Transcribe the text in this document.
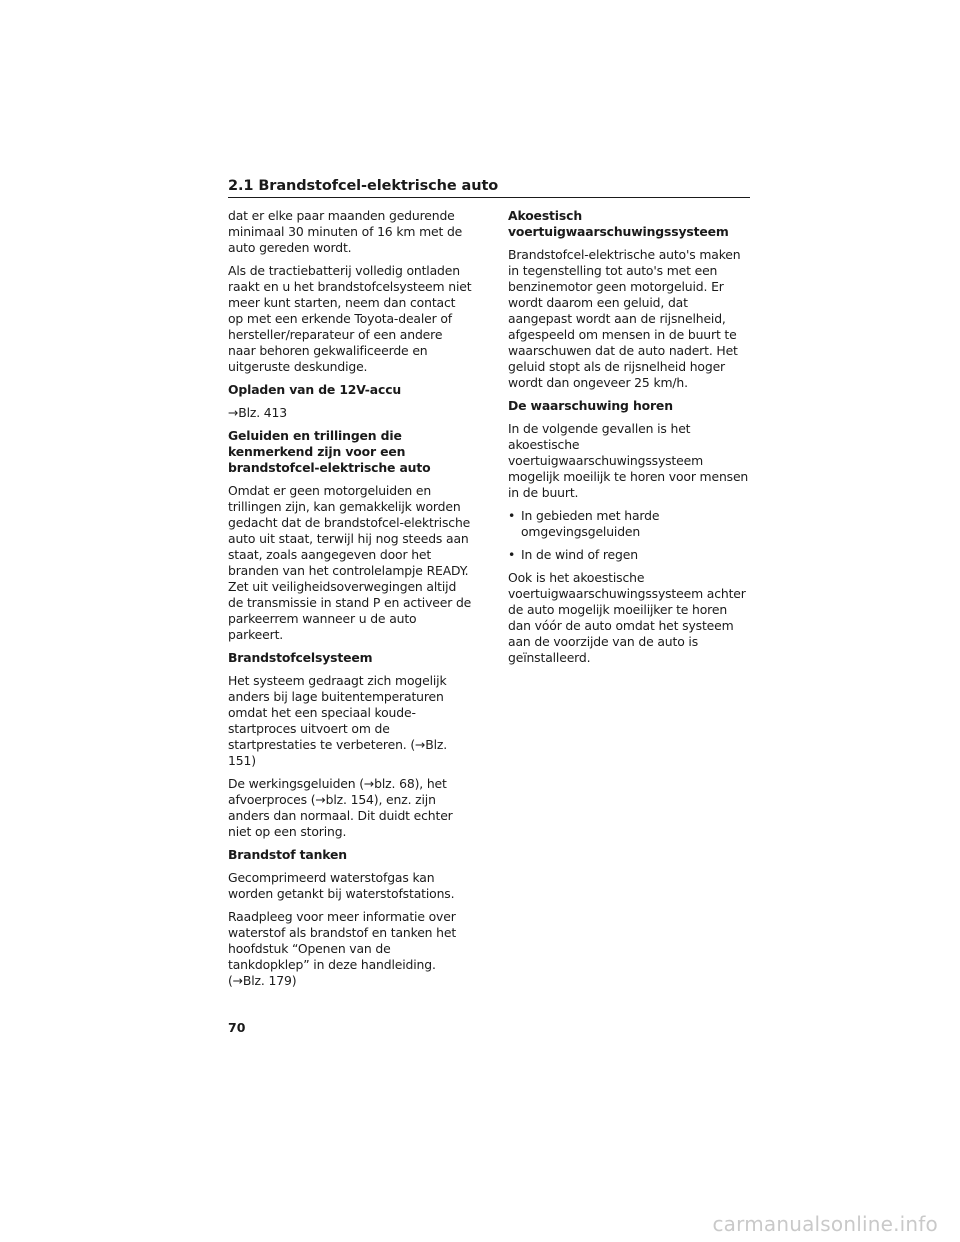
2.1 Brandstofcel-elektrische auto

dat er elke paar maanden gedurende minimaal 30 minuten of 16 km met de auto gereden wordt.

Als de tractiebatterij volledig ontladen raakt en u het brandstofcelsysteem niet meer kunt starten, neem dan contact op met een erkende Toyota-dealer of hersteller/reparateur of een andere naar behoren gekwalificeerde en uitgeruste deskundige.

Opladen van de 12V-accu

→Blz. 413

Geluiden en trillingen die kenmerkend zijn voor een brandstofcel-elektrische auto

Omdat er geen motorgeluiden en trillingen zijn, kan gemakkelijk worden gedacht dat de brandstofcel-elektrische auto uit staat, terwijl hij nog steeds aan staat, zoals aangegeven door het branden van het controlelampje READY. Zet uit veiligheidsoverwegingen altijd de transmissie in stand P en activeer de parkeerrem wanneer u de auto parkeert.

Brandstofcelsysteem

Het systeem gedraagt zich mogelijk anders bij lage buitentemperaturen omdat het een speciaal koude-startproces uitvoert om de startprestaties te verbeteren. (→Blz. 151)

De werkingsgeluiden (→blz. 68), het afvoerproces (→blz. 154), enz. zijn anders dan normaal. Dit duidt echter niet op een storing.

Brandstof tanken

Gecomprimeerd waterstofgas kan worden getankt bij waterstofstations.

Raadpleeg voor meer informatie over waterstof als brandstof en tanken het hoofdstuk “Openen van de tankdopklep” in deze handleiding. (→Blz. 179)

Akoestisch voertuigwaarschuwingssysteem

Brandstofcel-elektrische auto's maken in tegenstelling tot auto's met een benzinemotor geen motorgeluid. Er wordt daarom een geluid, dat aangepast wordt aan de rijsnelheid, afgespeeld om mensen in de buurt te waarschuwen dat de auto nadert. Het geluid stopt als de rijsnelheid hoger wordt dan ongeveer 25 km/h.

De waarschuwing horen

In de volgende gevallen is het akoestische voertuigwaarschuwingssysteem mogelijk moeilijk te horen voor mensen in de buurt.

• In gebieden met harde omgevingsgeluiden
• In de wind of regen

Ook is het akoestische voertuigwaarschuwingssysteem achter de auto mogelijk moeilijker te horen dan vóór de auto omdat het systeem aan de voorzijde van de auto is geïnstalleerd.

70
carmanualsonline.info
